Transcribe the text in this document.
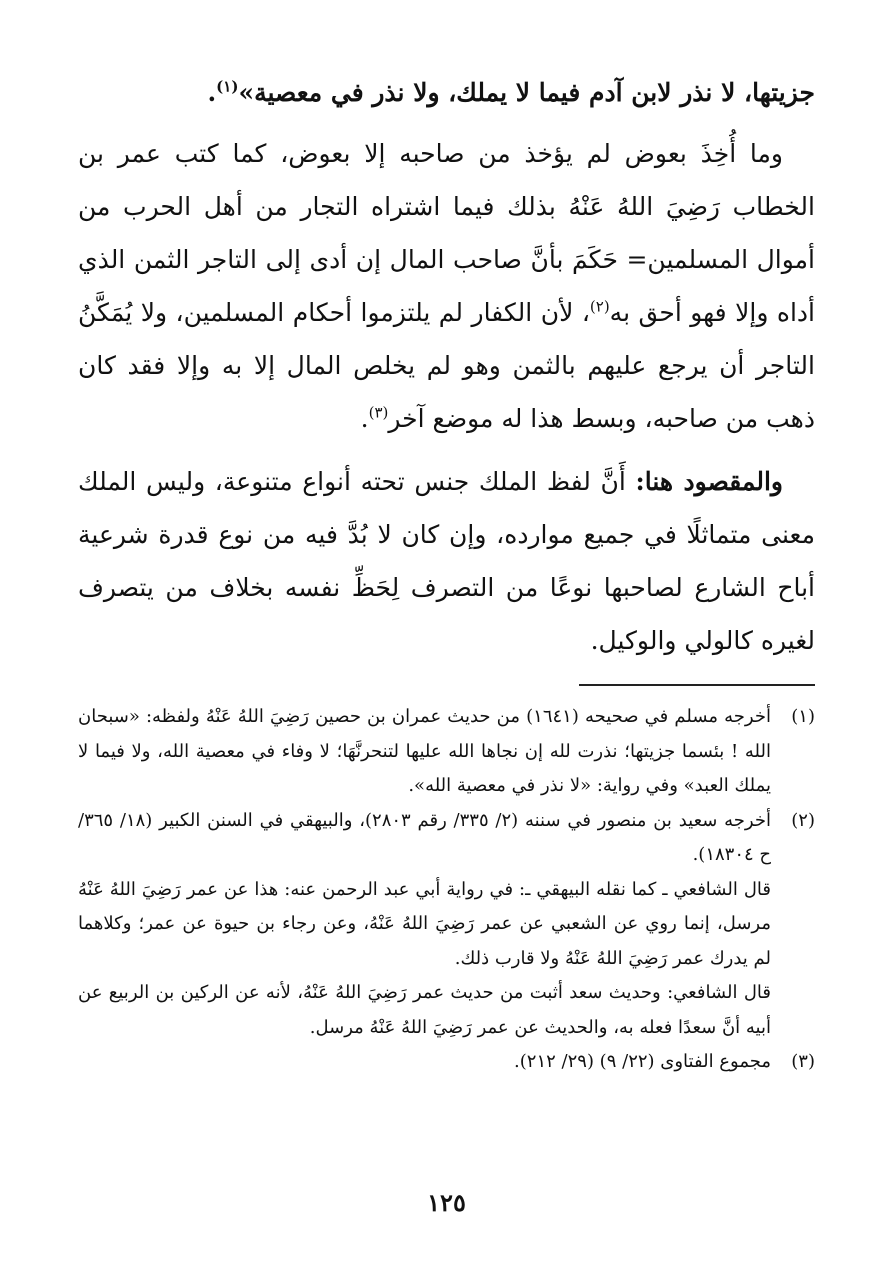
جزيتها، لا نذر لابن آدم فيما لا يملك، ولا نذر في معصية»$^{(١)}$.

وما أُخِذَ بعوض لم يؤخذ من صاحبه إلا بعوض، كما كتب عمر بن الخطاب رَضِيَ اللهُ عَنْهُ بذلك فيما اشتراه التجار من أهل الحرب من أموال المسلمين= حَكَمَ بأنَّ صاحب المال إن أدى إلى التاجر الثمن الذي أداه وإلا فهو أحق به$^{(٢)}$، لأن الكفار لم يلتزموا أحكام المسلمين، ولا يُمَكَّنُ التاجر أن يرجع عليهم بالثمن وهو لم يخلص المال إلا به وإلا فقد كان ذهب من صاحبه، وبسط هذا له موضع آخر$^{(٣)}$.

والمقصود هنا: أَنَّ لفظ الملك جنس تحته أنواع متنوعة، وليس الملك معنى متماثلًا في جميع موارده، وإن كان لا بُدَّ فيه من نوع قدرة شرعية أباح الشارع لصاحبها نوعًا من التصرف لِحَظِّ نفسه بخلاف من يتصرف لغيره كالولي والوكيل.

(١)

أخرجه مسلم في صحيحه (١٦٤١) من حديث عمران بن حصين رَضِيَ اللهُ عَنْهُ ولفظه: «سبحان الله ! بئسما جزيتها؛ نذرت لله إن نجاها الله عليها لتنحرنَّهَا؛ لا وفاء في معصية الله، ولا فيما لا يملك العبد» وفي رواية: «لا نذر في معصية الله».

(٢)

أخرجه سعيد بن منصور في سننه (٢/ ٣٣٥/ رقم ٢٨٠٣)، والبيهقي في السنن الكبير (١٨/ ٣٦٥/ ح ١٨٣٠٤).

قال الشافعي ـ كما نقله البيهقي ـ: في رواية أبي عبد الرحمن عنه: هذا عن عمر رَضِيَ اللهُ عَنْهُ مرسل، إنما روي عن الشعبي عن عمر رَضِيَ اللهُ عَنْهُ، وعن رجاء بن حيوة عن عمر؛ وكلاهما لم يدرك عمر رَضِيَ اللهُ عَنْهُ ولا قارب ذلك.

قال الشافعي: وحديث سعد أثبت من حديث عمر رَضِيَ اللهُ عَنْهُ، لأنه عن الركين بن الربيع عن أبيه أنَّ سعدًا فعله به، والحديث عن عمر رَضِيَ اللهُ عَنْهُ مرسل.

(٣)

مجموع الفتاوى (٢٢/ ٩) (٢٩/ ٢١٢).

١٢٥
